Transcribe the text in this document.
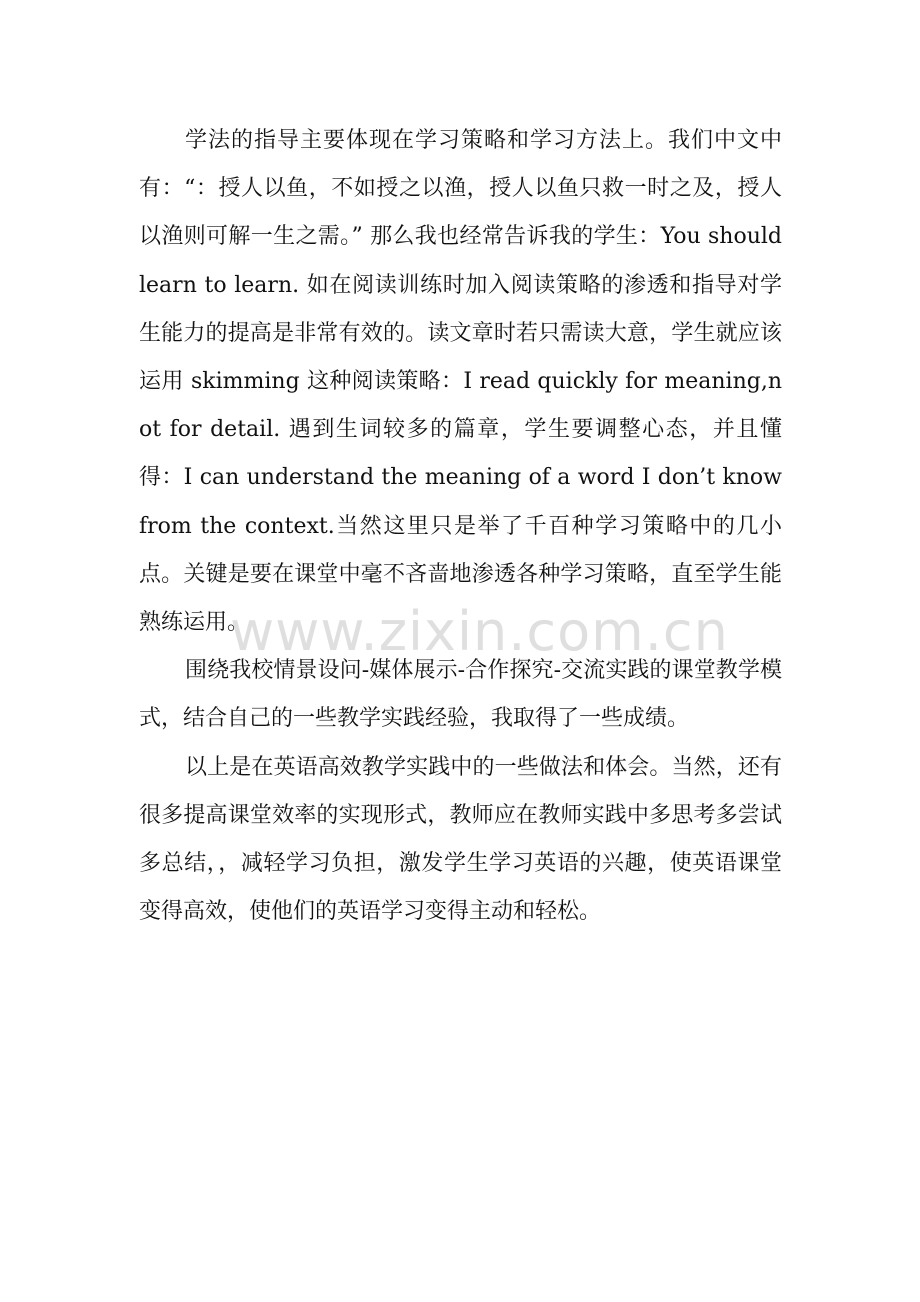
学法的指导主要体现在学习策略和学习方法上。我们中文中有：“：授人以鱼，不如授之以渔，授人以鱼只救一时之及，授人以渔则可解一生之需。” 那么我也经常告诉我的学生：You should learn to learn. 如在阅读训练时加入阅读策略的渗透和指导对学生能力的提高是非常有效的。读文章时若只需读大意，学生就应该运用 skimming 这种阅读策略：I read quickly for meaning,not for detail. 遇到生词较多的篇章，学生要调整心态，并且懂得：I can understand the meaning of a word I don’t know from the context.当然这里只是举了千百种学习策略中的几小点。关键是要在课堂中毫不吝啬地渗透各种学习策略，直至学生能熟练运用。

围绕我校情景设问-媒体展示-合作探究-交流实践的课堂教学模式，结合自己的一些教学实践经验，我取得了一些成绩。

以上是在英语高效教学实践中的一些做法和体会。当然，还有很多提高课堂效率的实现形式，教师应在教师实践中多思考多尝试多总结，，减轻学习负担，激发学生学习英语的兴趣，使英语课堂变得高效，使他们的英语学习变得主动和轻松。

www.zixin.com.cn
